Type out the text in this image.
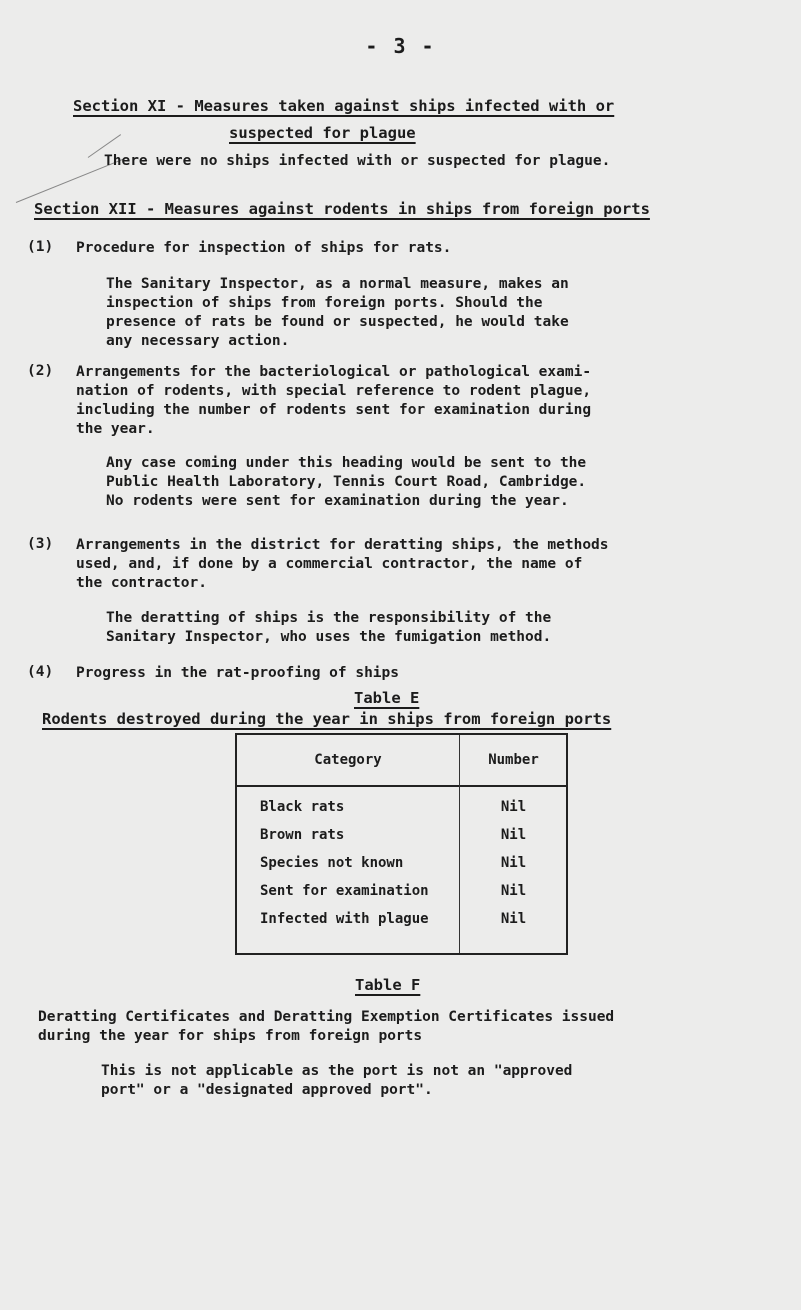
- 3 -
Section XI - Measures taken against ships infected with or
suspected for plague
There were no ships infected with or suspected for plague.
Section XII - Measures against rodents in ships from foreign ports
(1) Procedure for inspection of ships for rats.
The Sanitary Inspector, as a normal measure, makes an
inspection of ships from foreign ports. Should the
presence of rats be found or suspected, he would take
any necessary action.
(2) Arrangements for the bacteriological or pathological exami-
nation of rodents, with special reference to rodent plague,
including the number of rodents sent for examination during
the year.
Any case coming under this heading would be sent to the
Public Health Laboratory, Tennis Court Road, Cambridge.
No rodents were sent for examination during the year.
(3) Arrangements in the district for deratting ships, the methods
used, and, if done by a commercial contractor, the name of
the contractor.
The deratting of ships is the responsibility of the
Sanitary Inspector, who uses the fumigation method.
(4) Progress in the rat-proofing of ships
Table E
Rodents destroyed during the year in ships from foreign ports
Category	Number
Black rats	Nil
Brown rats	Nil
Species not known	Nil
Sent for examination	Nil
Infected with plague	Nil
Table F
Deratting Certificates and Deratting Exemption Certificates issued
during the year for ships from foreign ports
This is not applicable as the port is not an "approved
port" or a "designated approved port".
